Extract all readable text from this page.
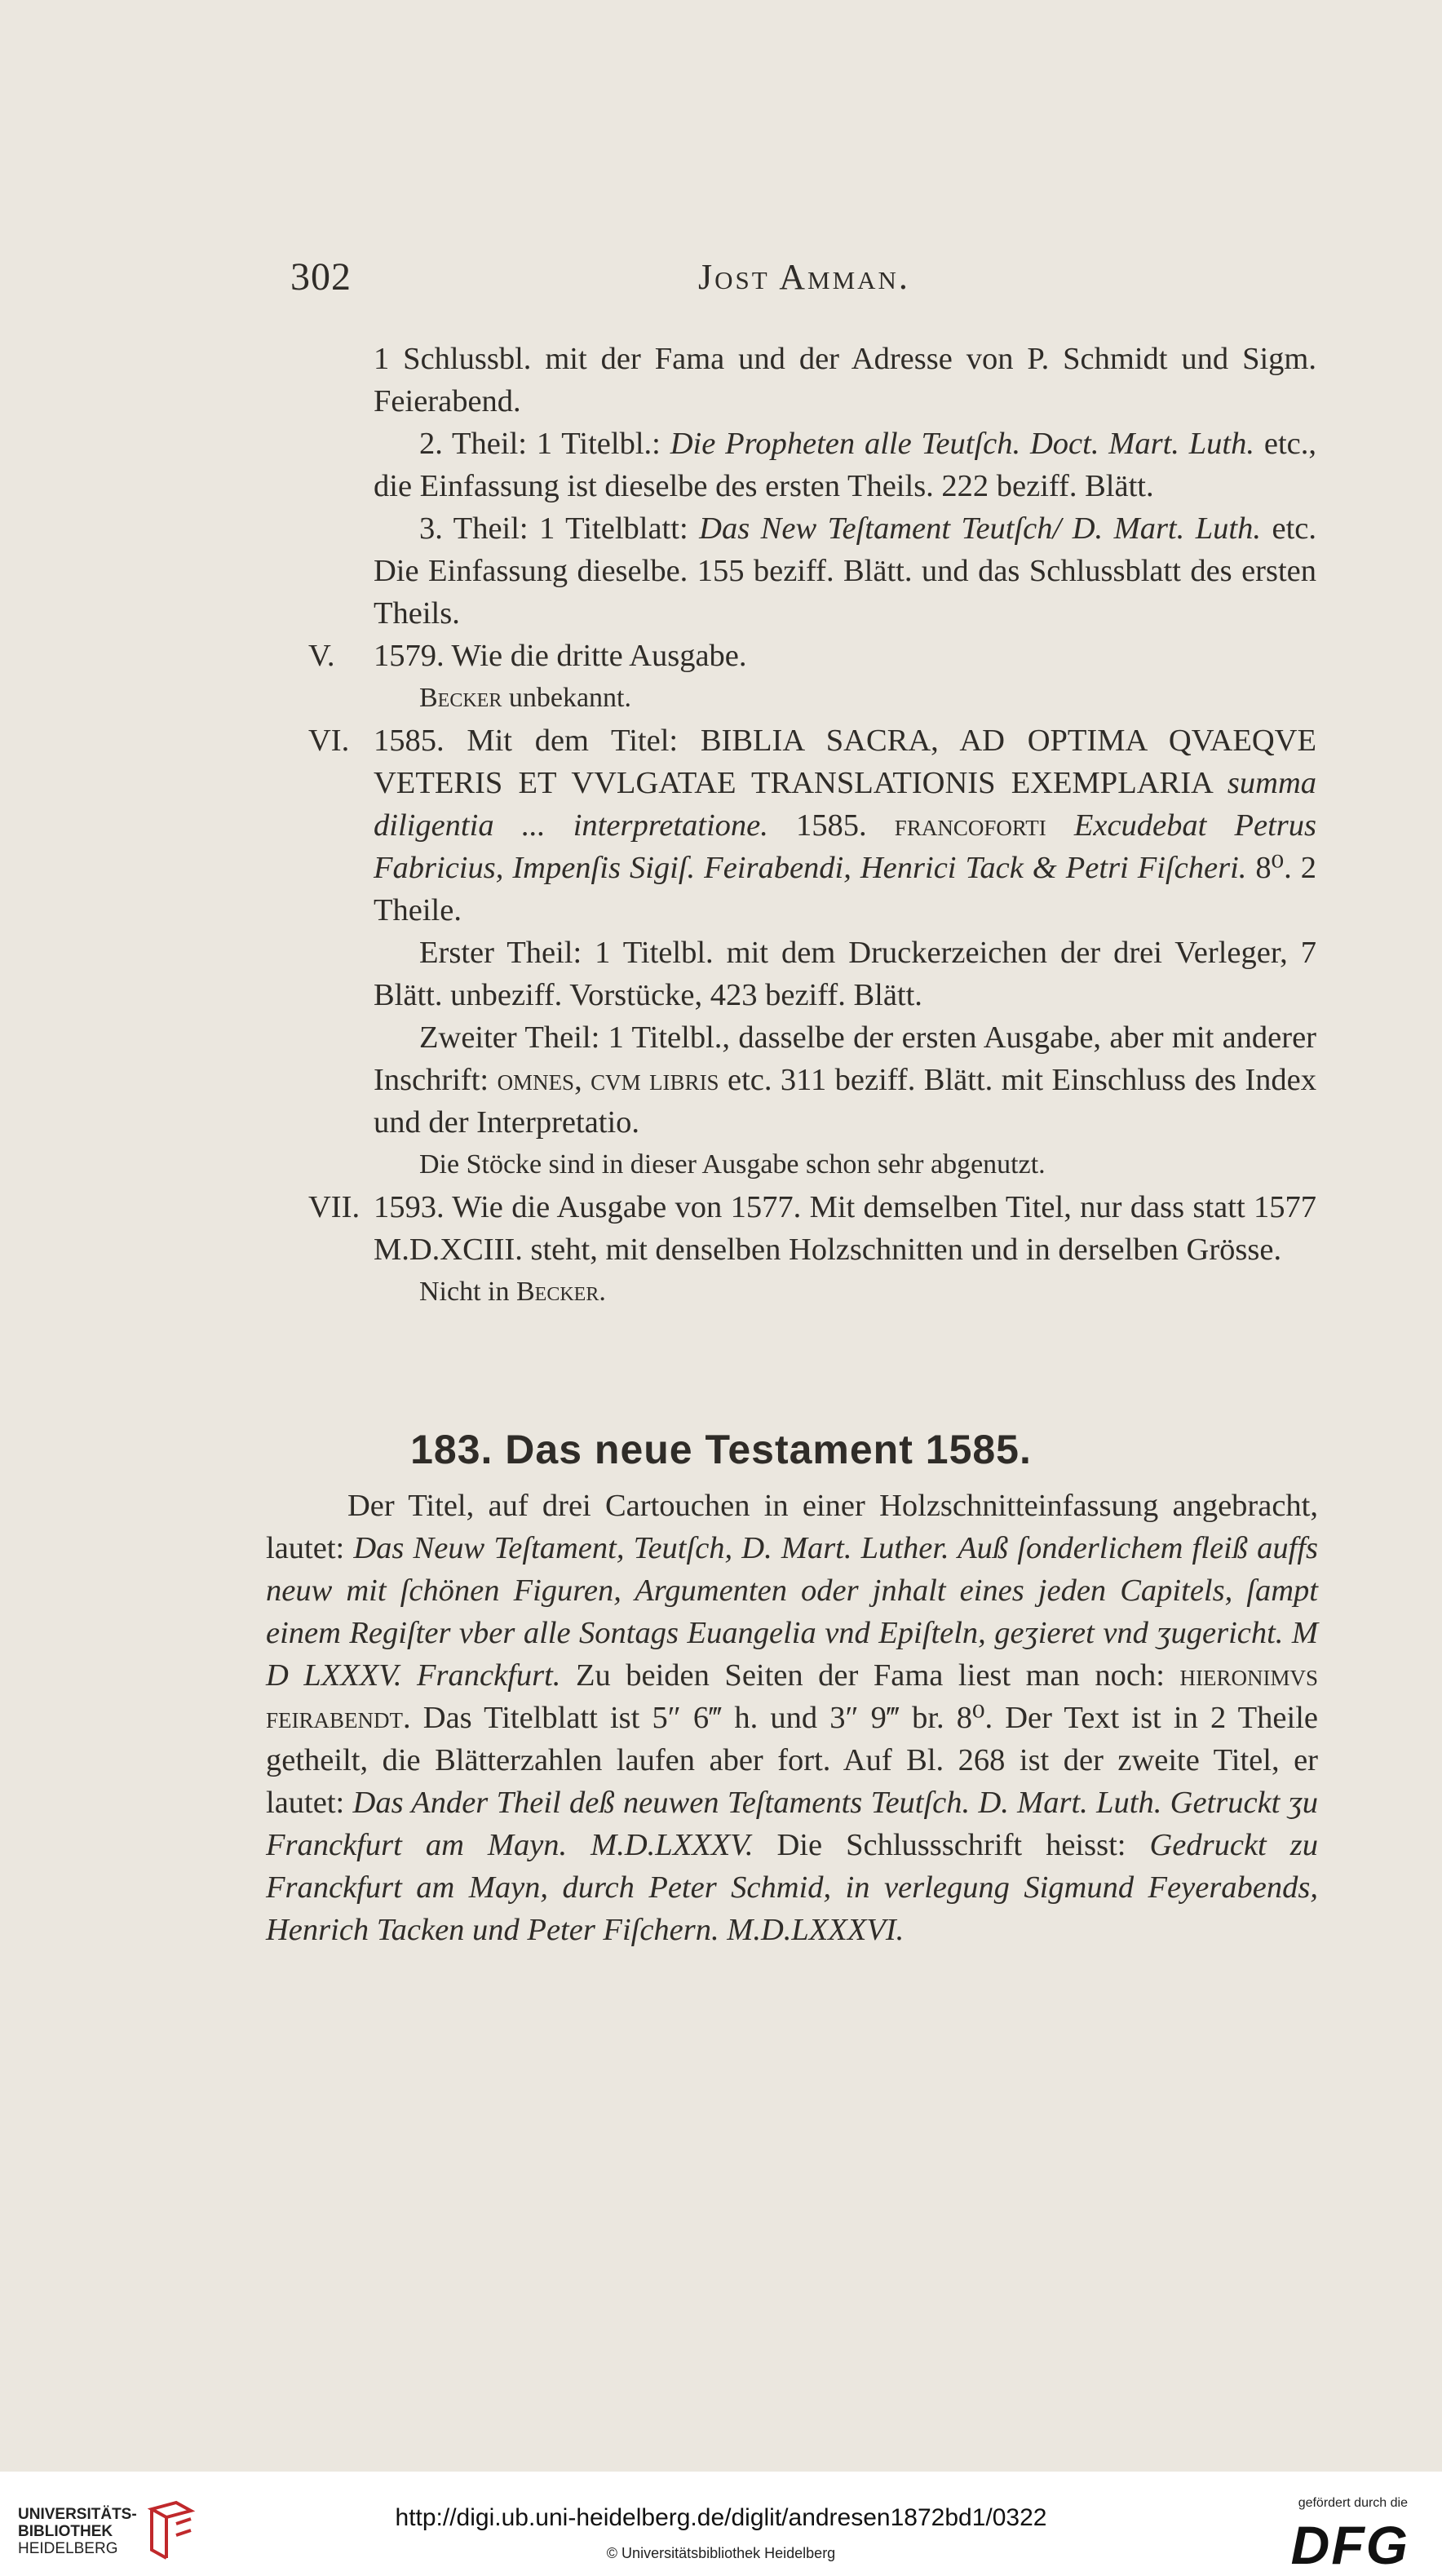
302	Jost Amman.

1 Schlussbl. mit der Fama und der Adresse von P. Schmidt und Sigm. Feierabend.

2. Theil: 1 Titelbl.: Die Propheten alle Teutſch. Doct. Mart. Luth. etc., die Einfassung ist dieselbe des ersten Theils. 222 beziff. Blätt.

3. Theil: 1 Titelblatt: Das New Teſtament Teutſch/ D. Mart. Luth. etc. Die Einfassung dieselbe. 155 beziff. Blätt. und das Schlussblatt des ersten Theils.

V. 1579. Wie die dritte Ausgabe.

Becker unbekannt.

VI. 1585. Mit dem Titel: BIBLIA SACRA, AD OPTIMA QVAEQVE VETERIS ET VVLGATAE TRANSLATIONIS EXEMPLARIA summa diligentia ... interpretatione. 1585. francoforti Excudebat Petrus Fabricius, Impenſis Sigiſ. Feirabendi, Henrici Tack & Petri Fiſcheri. 8⁰. 2 Theile.

Erster Theil: 1 Titelbl. mit dem Druckerzeichen der drei Verleger, 7 Blätt. unbeziff. Vorstücke, 423 beziff. Blätt.

Zweiter Theil: 1 Titelbl., dasselbe der ersten Ausgabe, aber mit anderer Inschrift: omnes, cvm libris etc. 311 beziff. Blätt. mit Einschluss des Index und der Interpretatio.

Die Stöcke sind in dieser Ausgabe schon sehr abgenutzt.

VII. 1593. Wie die Ausgabe von 1577. Mit demselben Titel, nur dass statt 1577 M.D.XCIII. steht, mit denselben Holzschnitten und in derselben Grösse.

Nicht in Becker.

183. Das neue Testament 1585.

Der Titel, auf drei Cartouchen in einer Holzschnitteinfassung angebracht, lautet: Das Neuw Teſtament, Teutſch, D. Mart. Luther. Auß ſonderlichem fleiß auffs neuw mit ſchönen Figuren, Argumenten oder jnhalt eines jeden Capitels, ſampt einem Regiſter vber alle Sontags Euangelia vnd Epiſteln, geʒieret vnd ʒugericht. M D LXXXV. Franckfurt. Zu beiden Seiten der Fama liest man noch: hieronimvs feirabendt. Das Titelblatt ist 5″ 6‴ h. und 3″ 9‴ br. 8⁰. Der Text ist in 2 Theile getheilt, die Blätterzahlen laufen aber fort. Auf Bl. 268 ist der zweite Titel, er lautet: Das Ander Theil deß neuwen Teſtaments Teutſch. D. Mart. Luth. Getruckt ʒu Franckfurt am Mayn. M.D.LXXXV. Die Schlussschrift heisst: Gedruckt zu Franckfurt am Mayn, durch Peter Schmid, in verlegung Sigmund Feyerabends, Henrich Tacken und Peter Fiſchern. M.D.LXXXVI.

UNIVERSITÄTS-
BIBLIOTHEK
HEIDELBERG
http://digi.ub.uni-heidelberg.de/diglit/andresen1872bd1/0322
© Universitätsbibliothek Heidelberg
gefördert durch die
DFG
